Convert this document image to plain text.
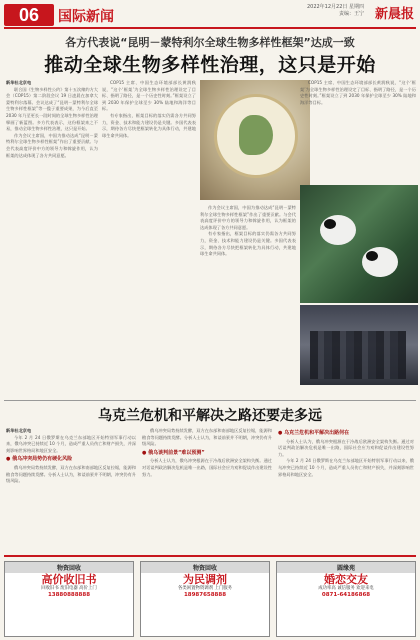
06	国际新闻
2022年12月22日 星期四
责编：王宁 新晨报
各方代表说“昆明－蒙特利尔全球生物多样性框架”达成一致
推动全球生物多样性治理，这只是开始

新华社北京电

联合国《生物多样性公约》第十五次缔约方大会（COP15）第二阶段会议 19 日凌晨在加拿大蒙特利尔落幕。会议达成了“昆明－蒙特利尔全球生物多样性框架”等一揽子重要成果，为今后直至 2030 年乃至更长一段时间的全球生物多样性治理擘画了新蓝图。多方代表表示，这份框架来之不易，推动全球生物多样性治理，这只是开始。

作为会议主席国，中国为推动达成“昆明－蒙特利尔全球生物多样性框架”作出了重要贡献。与会代表高度评价中方的领导力和斡旋作用，认为框架的达成体现了各方共同意愿。

COP15 主席、中国生态环境部部长黄润秋说，“这个‘框架’为全球生物多样性治理设定了目标、指明了路径，是一个历史性时刻。”框架设立了到 2030 年保护全球至少 30% 陆地和海洋等目标。

有专家指出，框架目标的落实仍需各方共同努力，资金、技术和能力建设仍是关键。多国代表表示，期待各方尽快把框架转化为具体行动，共建地球生命共同体。

作为会议主席国，中国为推动达成“昆明－蒙特利尔全球生物多样性框架”作出了重要贡献。与会代表高度评价中方的领导力和斡旋作用，认为框架的达成体现了各方共同意愿。

有专家指出，框架目标的落实仍需各方共同努力，资金、技术和能力建设仍是关键。多国代表表示，期待各方尽快把框架转化为具体行动，共建地球生命共同体。

COP15 主席、中国生态环境部部长黄润秋说，“这个‘框架’为全球生物多样性治理设定了目标、指明了路径，是一个历史性时刻。”框架设立了到 2030 年保护全球至少 30% 陆地和海洋等目标。

乌克兰危机和平解决之路还要走多远

新华社北京电

今年 2 月 24 日俄罗斯在乌克兰东部地区开始特别军事行动以来，俄乌冲突已持续近 10 个月，造成严重人员伤亡和财产损失，并深刻影响世界格局和地区安全。

● 俄乌冲突局势仍有硬化风险

俄乌冲突局势持续发酵，双方在东部和南部地区反复拉锯，能源和粮食等问题持续发酵。分析人士认为，和谈前景并不明朗，冲突仍有升级风险。

俄乌冲突局势持续发酵，双方在东部和南部地区反复拉锯，能源和粮食等问题持续发酵。分析人士认为，和谈前景并不明朗，冲突仍有升级风险。

● 俄乌谈判前景“难以预测”

分析人士认为，俄乌冲突根源在于冷战后欧洲安全架构失衡。通过对话谈判政治解决危机是唯一出路，国际社会应为劝和促谈作出建设性努力。

● 乌克兰危机和平解决出路何在

分析人士认为，俄乌冲突根源在于冷战后欧洲安全架构失衡。通过对话谈判政治解决危机是唯一出路，国际社会应为劝和促谈作出建设性努力。

今年 2 月 24 日俄罗斯在乌克兰东部地区开始特别军事行动以来，俄乌冲突已持续近 10 个月，造成严重人员伤亡和财产损失，并深刻影响世界格局和地区安全。

物资回收
高价收旧书
回收旧书 废旧电器 高价上门
13880888888
物资回收
为民调剂
各类闲置物资调剂 上门服务
18987658888
圆缘苑
婚恋交友
成功率高 诚信服务 欢迎来电
0871-64186868
